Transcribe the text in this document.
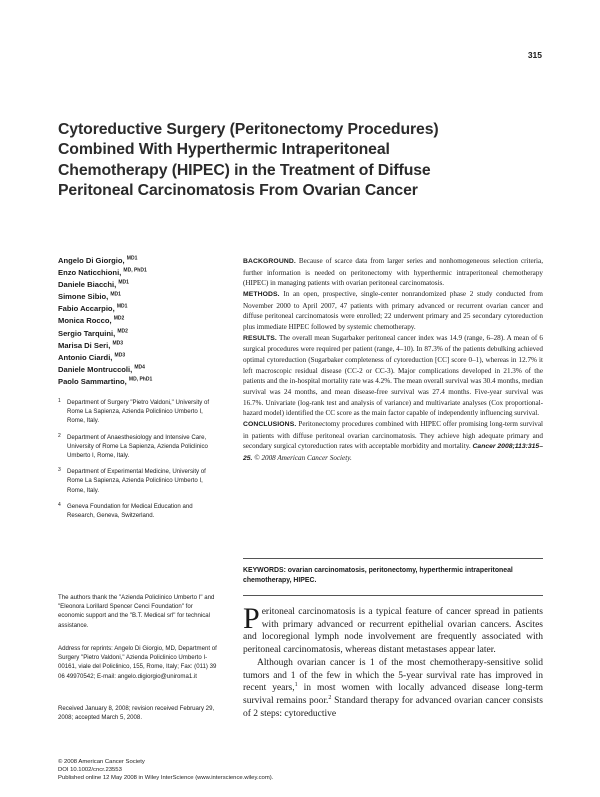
315
Cytoreductive Surgery (Peritonectomy Procedures)
Combined With Hyperthermic Intraperitoneal
Chemotherapy (HIPEC) in the Treatment of Diffuse
Peritoneal Carcinomatosis From Ovarian Cancer
Angelo Di Giorgio, $^{MD1}$
Enzo Naticchioni, $^{MD, PhD1}$
Daniele Biacchi, $^{MD1}$
Simone Sibio, $^{MD1}$
Fabio Accarpio, $^{MD1}$
Monica Rocco, $^{MD2}$
Sergio Tarquini, $^{MD2}$
Marisa Di Seri, $^{MD3}$
Antonio Ciardi, $^{MD3}$
Daniele Montruccoli, $^{MD4}$
Paolo Sammartino, $^{MD, PhD1}$
1 Department of Surgery "Pietro Valdoni," University of Rome La Sapienza, Azienda Policlinico Umberto I, Rome, Italy.
2 Department of Anaesthesiology and Intensive Care, University of Rome La Sapienza, Azienda Policlinico Umberto I, Rome, Italy.
3 Department of Experimental Medicine, University of Rome La Sapienza, Azienda Policlinico Umberto I, Rome, Italy.
4 Geneva Foundation for Medical Education and Research, Geneva, Switzerland.
The authors thank the "Azienda Policlinico Umberto I" and "Eleonora Lorillard Spencer Cenci Foundation" for economic support and the "B.T. Medical srl" for technical assistance.
Address for reprints: Angelo Di Giorgio, MD, Department of Surgery "Pietro Valdoni," Azienda Policlinico Umberto I-00161, viale del Policlinico, 155, Rome, Italy; Fax: (011) 39 06 49970542; E-mail: angelo.digiorgio@uniroma1.it
Received January 8, 2008; revision received February 29, 2008; accepted March 5, 2008.

BACKGROUND. Because of scarce data from larger series and nonhomogeneous selection criteria, further information is needed on peritonectomy with hyperthermic intraperitoneal chemotherapy (HIPEC) in managing patients with ovarian peritoneal carcinomatosis.

METHODS. In an open, prospective, single-center nonrandomized phase 2 study conducted from November 2000 to April 2007, 47 patients with primary advanced or recurrent ovarian cancer and diffuse peritoneal carcinomatosis were enrolled; 22 underwent primary and 25 secondary cytoreduction plus immediate HIPEC followed by systemic chemotherapy.

RESULTS. The overall mean Sugarbaker peritoneal cancer index was 14.9 (range, 6–28). A mean of 6 surgical procedures were required per patient (range, 4–10). In 87.3% of the patients debulking achieved optimal cytoreduction (Sugarbaker completeness of cytoreduction [CC] score 0–1), whereas in 12.7% it left macroscopic residual disease (CC-2 or CC-3). Major complications developed in 21.3% of the patients and the in-hospital mortality rate was 4.2%. The mean overall survival was 30.4 months, median survival was 24 months, and mean disease-free survival was 27.4 months. Five-year survival was 16.7%. Univariate (log-rank test and analysis of variance) and multivariate analyses (Cox proportional-hazard model) identified the CC score as the main factor capable of independently influencing survival.

CONCLUSIONS. Peritonectomy procedures combined with HIPEC offer promising long-term survival in patients with diffuse peritoneal ovarian carcinomatosis. They achieve high adequate primary and secondary surgical cytoreduction rates with acceptable morbidity and mortality. Cancer 2008;113:315–25. © 2008 American Cancer Society.

KEYWORDS: ovarian carcinomatosis, peritonectomy, hyperthermic intraperitoneal chemotherapy, HIPEC.

Peritoneal carcinomatosis is a typical feature of cancer spread in patients with primary advanced or recurrent epithelial ovarian cancers. Ascites and locoregional lymph node involvement are frequently associated with peritoneal carcinomatosis, whereas distant metastases appear later.

Although ovarian cancer is 1 of the most chemotherapy-sensitive solid tumors and 1 of the few in which the 5-year survival rate has improved in recent years,$^1$ in most women with locally advanced disease long-term survival remains poor.$^2$ Standard therapy for advanced ovarian cancer consists of 2 steps: cytoreductive

© 2008 American Cancer Society
DOI 10.1002/cncr.23553
Published online 12 May 2008 in Wiley InterScience (www.interscience.wiley.com).
